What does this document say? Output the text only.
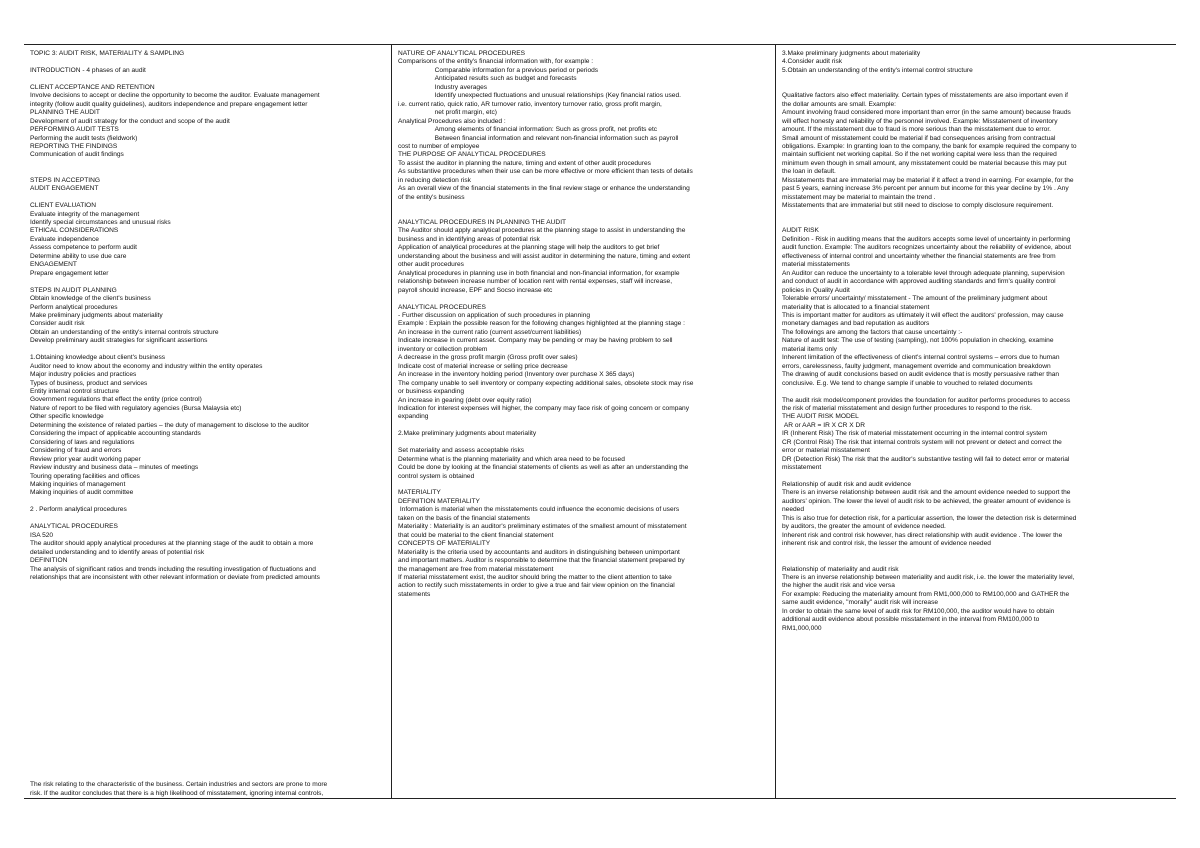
TOPIC 3: AUDIT RISK, MATERIALITY & SAMPLING
INTRODUCTION - 4 phases of an audit
CLIENT ACCEPTANCE AND RETENTION
Involve decisions to accept or decline the opportunity to become the auditor. Evaluate management
integrity (follow audit quality guidelines), auditors independence and prepare engagement letter
PLANNING THE AUDIT
Development of audit strategy for the conduct and scope of the audit
PERFORMING AUDIT TESTS
Performing the audit tests (fieldwork)
REPORTING THE FINDINGS
Communication of audit findings
STEPS IN ACCEPTING
AUDIT ENGAGEMENT
CLIENT EVALUATION
Evaluate integrity of the management
Identify special circumstances and unusual risks
ETHICAL CONSIDERATIONS
Evaluate independence
Assess competence to perform audit
Determine ability to use due care
ENGAGEMENT
Prepare engagement letter
STEPS IN AUDIT PLANNING
Obtain knowledge of the client's business
Perform analytical procedures
Make preliminary judgments about materiality
Consider audit risk
Obtain an understanding of the entity's internal controls structure
Develop preliminary audit strategies for significant assertions
1.Obtaining knowledge about client's business
Auditor need to know about the economy and industry within the entity operates
Major industry policies and practices
Types of business, product and services
Entity internal control structure
Government regulations that effect the entity (price control)
Nature of report to be filed with regulatory agencies (Bursa Malaysia etc)
Other specific knowledge
Determining the existence of related parties – the duty of management to disclose to the auditor
Considering the impact of applicable accounting standards
Considering of laws and regulations
Considering of fraud and errors
Review prior year audit working paper
Review industry and business data – minutes of meetings
Touring operating facilities and offices
Making inquiries of management
Making inquiries of audit committee
2 . Perform analytical procedures
ANALYTICAL PROCEDURES
ISA 520
The auditor should apply analytical procedures at the planning stage of the audit to obtain a more
detailed understanding and to identify areas of potential risk
DEFINITION
The analysis of significant ratios and trends including the resulting investigation of fluctuations and
relationships that are inconsistent with other relevant information or deviate from predicted amounts
The risk relating to the characteristic of the business. Certain industries and sectors are prone to more
risk. If the auditor concludes that there is a high likelihood of misstatement, ignoring internal controls,
NATURE OF ANALYTICAL PROCEDURES
Comparisons of the entity's financial information with, for example :
Comparable information for a previous period or periods
Anticipated results such as budget and forecasts
Industry averages
Identify unexpected fluctuations and unusual relationships (Key financial ratios used.
i.e. current ratio, quick ratio, AR turnover ratio, inventory turnover ratio, gross profit margin,
net profit margin, etc)
Analytical Procedures also included :
Among elements of financial information: Such as gross profit, net profits etc
Between financial information and relevant non-financial information such as payroll
cost to number of employee
THE PURPOSE OF ANALYTICAL PROCEDURES
To assist the auditor in planning the nature, timing and extent of other audit procedures
As substantive procedures when their use can be more effective or more efficient than tests of details
in reducing detection risk
As an overall view of the financial statements in the final review stage or enhance the understanding
of the entity's business
ANALYTICAL PROCEDURES IN PLANNING THE AUDIT
The Auditor should apply analytical procedures at the planning stage to assist in understanding the
business and in identifying areas of potential risk
Application of analytical procedures at the planning stage will help the auditors to get brief
understanding about the business and will assist auditor in determining the nature, timing and extent
other audit procedures
Analytical procedures in planning use in both financial and non-financial information, for example
relationship between increase number of location rent with rental expenses, staff will increase,
payroll should increase, EPF and Socso increase etc
ANALYTICAL PROCEDURES
- Further discussion on application of such procedures in planning
Example : Explain the possible reason for the following changes highlighted at the planning stage :
An increase in the current ratio (current asset/current liabilities)
Indicate increase in current asset. Company may be pending or may be having problem to sell
inventory or collection problem
A decrease in the gross profit margin (Gross profit over sales)
Indicate cost of material increase or selling price decrease
An increase in the inventory holding period (Inventory over purchase X 365 days)
The company unable to sell inventory or company expecting additional sales, obsolete stock may rise
or business expanding
An increase in gearing (debt over equity ratio)
Indication for interest expenses will higher, the company may face risk of going concern or company
expanding
2.Make preliminary judgments about materiality
Set materiality and assess acceptable risks
Determine what is the planning materiality and which area need to be focused
Could be done by looking at the financial statements of clients as well as after an understanding the
control system is obtained
MATERIALITY
DEFINITION MATERIALITY
Information is material when the misstatements could influence the economic decisions of users
taken on the basis of the financial statements
Materiality : Materiality is an auditor's preliminary estimates of the smallest amount of misstatement
that could be material to the client financial statement
CONCEPTS OF MATERIALITY
Materiality is the criteria used by accountants and auditors in distinguishing between unimportant
and important matters. Auditor is responsible to determine that the financial statement prepared by
the management are free from material misstatement
If material misstatement exist, the auditor should bring the matter to the client attention to take
action to rectify such misstatements in order to give a true and fair view opinion on the financial
statements
3.Make preliminary judgments about materiality
4.Consider audit risk
5.Obtain an understanding of the entity's internal control structure
Qualitative factors also effect materiality. Certain types of misstatements are also important even if
the dollar amounts are small. Example:
Amount involving fraud considered more important than error (in the same amount) because frauds
will effect honesty and reliability of the personnel involved. Example: Misstatement of inventory
amount. If the misstatement due to fraud is more serious than the misstatement due to error.
Small amount of misstatement could be material if bad consequences arising from contractual
obligations. Example: In granting loan to the company, the bank for example required the company to
maintain sufficient net working capital. So if the net working capital were less than the required
minimum even though in small amount, any misstatement could be material because this may put
the loan in default.
Misstatements that are immaterial may be material if it affect a trend in earning. For example, for the
past 5 years, earning increase 3% percent per annum but income for this year decline by 1% . Any
misstatement may be material to maintain the trend .
Misstatements that are immaterial but still need to disclose to comply disclosure requirement.
AUDIT RISK
Definition - Risk in auditing means that the auditors accepts some level of uncertainty in performing
audit function. Example: The auditors recognizes uncertainty about the reliability of evidence, about
effectiveness of internal control and uncertainty whether the financial statements are free from
material misstatements
An Auditor can reduce the uncertainty to a tolerable level through adequate planning, supervision
and conduct of audit in accordance with approved auditing standards and firm's quality control
policies in Quality Audit
Tolerable errors/ uncertainty/ misstatement - The amount of the preliminary judgment about
materiality that is allocated to a financial statement
This is important matter for auditors as ultimately it will effect the auditors' profession, may cause
monetary damages and bad reputation as auditors
The followings are among the factors that cause uncertainty :-
Nature of audit test: The use of testing (sampling), not 100% population in checking, examine
material items only
Inherent limitation of the effectiveness of client's internal control systems – errors due to human
errors, carelessness, faulty judgment, management override and communication breakdown
The drawing of audit conclusions based on audit evidence that is mostly persuasive rather than
conclusive. E.g. We tend to change sample if unable to vouched to related documents
The audit risk model/component provides the foundation for auditor performs procedures to access
the risk of material misstatement and design further procedures to respond to the risk.
THE AUDIT RISK MODEL
AR or AAR = IR X CR X DR
IR (Inherent Risk) The risk of material misstatement occurring in the internal control system
CR (Control Risk) The risk that internal controls system will not prevent or detect and correct the
error or material misstatement
DR (Detection Risk) The risk that the auditor's substantive testing will fail to detect error or material
misstatement
Relationship of audit risk and audit evidence
There is an inverse relationship between audit risk and the amount evidence needed to support the
auditors' opinion. The lower the level of audit risk to be achieved, the greater amount of evidence is
needed
This is also true for detection risk, for a particular assertion, the lower the detection risk is determined
by auditors, the greater the amount of evidence needed.
Inherent risk and control risk however, has direct relationship with audit evidence . The lower the
inherent risk and control risk, the lesser the amount of evidence needed
Relationship of materiality and audit risk
There is an inverse relationship between materiality and audit risk, i.e. the lower the materiality level,
the higher the audit risk and vice versa
For example: Reducing the materiality amount from RM1,000,000 to RM100,000 and GATHER the
same audit evidence, "morally" audit risk will increase
In order to obtain the same level of audit risk for RM100,000, the auditor would have to obtain
additional audit evidence about possible misstatement in the interval from RM100,000 to
RM1,000,000
